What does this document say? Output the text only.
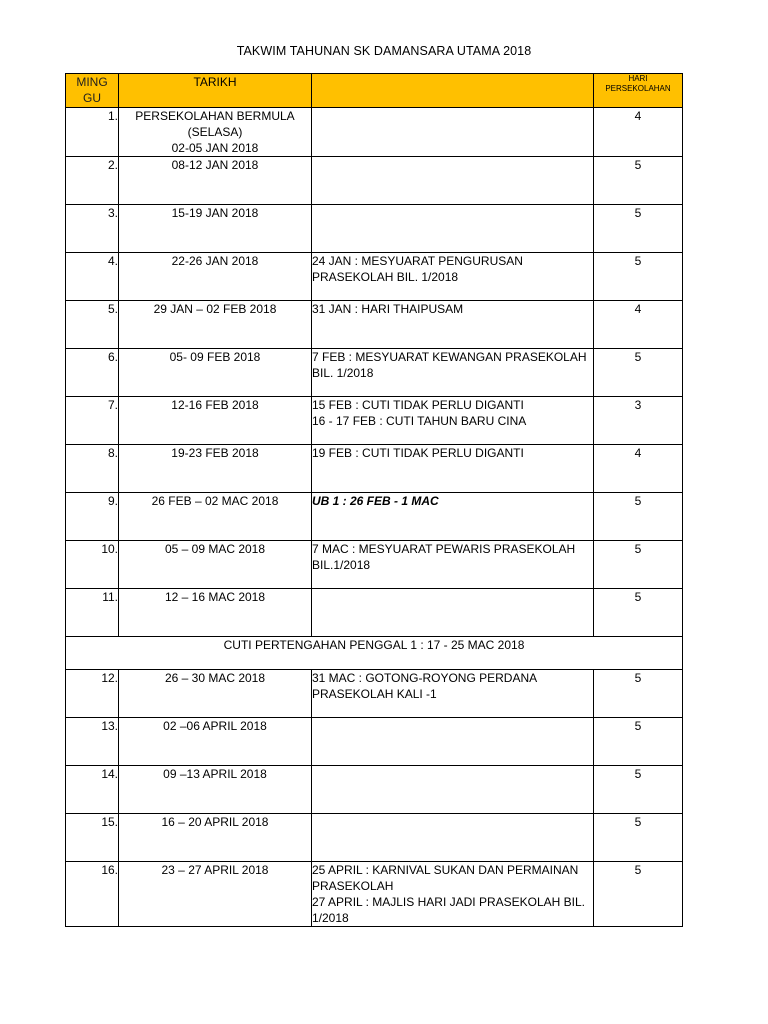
TAKWIM TAHUNAN SK DAMANSARA UTAMA 2018
MING
GU	TARIKH		HARI
PERSEKOLAHAN
1.	PERSEKOLAHAN BERMULA
(SELASA)
02-05 JAN 2018		4
2.	08-12 JAN 2018		5
3.	15-19 JAN 2018		5
4.	22-26 JAN 2018	24 JAN : MESYUARAT PENGURUSAN
PRASEKOLAH BIL. 1/2018	5
5.	29 JAN – 02 FEB 2018	31 JAN : HARI THAIPUSAM	4
6.	05- 09 FEB 2018	7 FEB : MESYUARAT KEWANGAN PRASEKOLAH
BIL. 1/2018	5
7.	12-16 FEB 2018	15 FEB : CUTI TIDAK PERLU DIGANTI
16 - 17 FEB : CUTI TAHUN BARU CINA	3
8.	19-23 FEB 2018	19 FEB : CUTI TIDAK PERLU DIGANTI	4
9.	26 FEB – 02 MAC 2018	UB 1 : 26 FEB - 1 MAC	5
10.	05 – 09 MAC 2018	7 MAC : MESYUARAT PEWARIS PRASEKOLAH
BIL.1/2018	5
11.	12 – 16 MAC 2018		5
CUTI PERTENGAHAN PENGGAL 1 : 17 - 25 MAC 2018			
12.	26 – 30 MAC 2018	31 MAC : GOTONG-ROYONG PERDANA
PRASEKOLAH KALI -1	5
13.	02 –06 APRIL 2018		5
14.	09 –13 APRIL 2018		5
15.	16 – 20 APRIL 2018		5
16.	23 – 27 APRIL 2018	25 APRIL : KARNIVAL SUKAN DAN PERMAINAN
PRASEKOLAH
27 APRIL : MAJLIS HARI JADI PRASEKOLAH BIL.
1/2018	5
